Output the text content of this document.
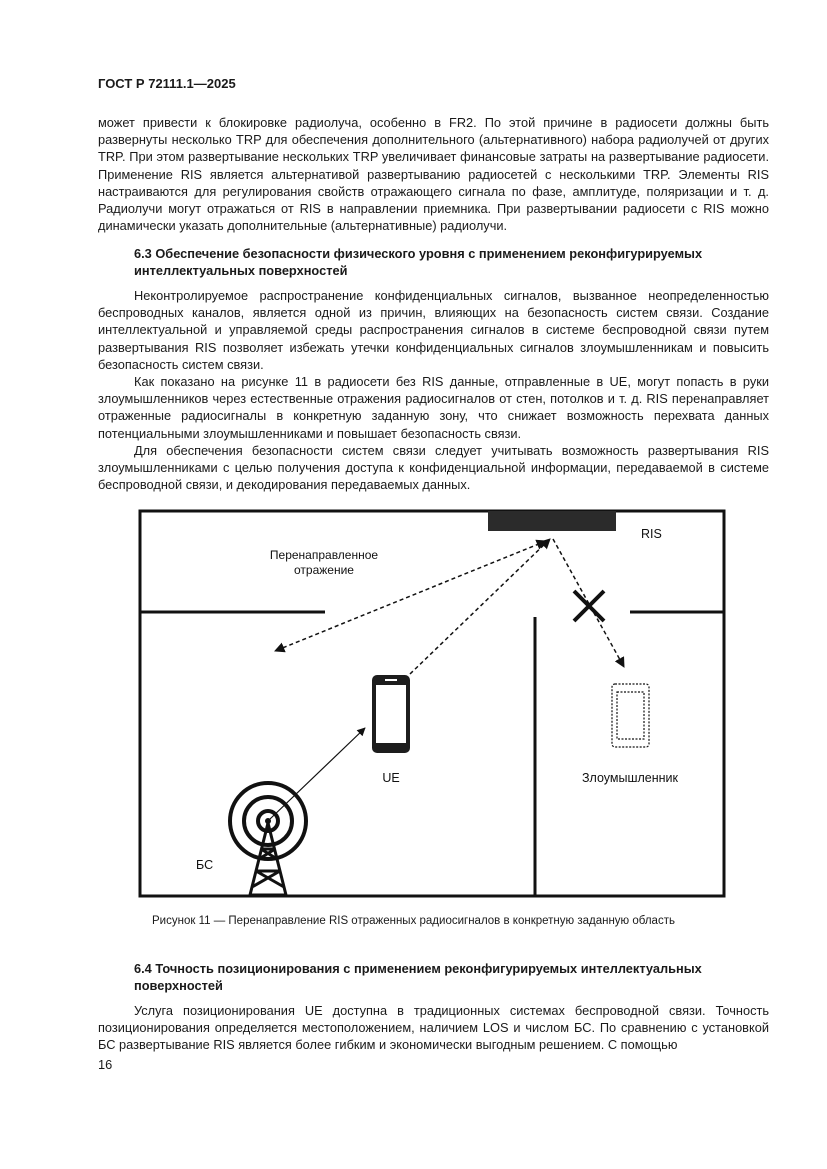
ГОСТ Р 72111.1—2025

может привести к блокировке радиолуча, особенно в FR2. По этой причине в радиосети должны быть развернуты несколько TRP для обеспечения дополнительного (альтернативного) набора радиолучей от других TRP. При этом развертывание нескольких TRP увеличивает финансовые затраты на развертывание радиосети. Применение RIS является альтернативой развертыванию радиосетей с несколькими TRP. Элементы RIS настраиваются для регулирования свойств отражающего сигнала по фазе, амплитуде, поляризации и т. д. Радиолучи могут отражаться от RIS в направлении приемника. При развертывании радиосети с RIS можно динамически указать дополнительные (альтернативные) радиолучи.

6.3 Обеспечение безопасности физического уровня с применением реконфигурируемых интеллектуальных поверхностей

Неконтролируемое распространение конфиденциальных сигналов, вызванное неопределенностью беспроводных каналов, является одной из причин, влияющих на безопасность систем связи. Создание интеллектуальной и управляемой среды распространения сигналов в системе беспроводной связи путем развертывания RIS позволяет избежать утечки конфиденциальных сигналов злоумышленникам и повысить безопасность систем связи.

Как показано на рисунке 11 в радиосети без RIS данные, отправленные в UE, могут попасть в руки злоумышленников через естественные отражения радиосигналов от стен, потолков и т. д. RIS перенаправляет отраженные радиосигналы в конкретную заданную зону, что снижает возможность перехвата данных потенциальными злоумышленниками и повышает безопасность связи.

Для обеспечения безопасности систем связи следует учитывать возможность развертывания RIS злоумышленниками с целью получения доступа к конфиденциальной информации, передаваемой в системе беспроводной связи, и декодирования передаваемых данных.

RIS
Перенаправленное
отражение
UE	Злоумышленник
БС
Рисунок 11 — Перенаправление RIS отраженных радиосигналов в конкретную заданную область
6.4 Точность позиционирования с применением реконфигурируемых интеллектуальных поверхностей

Услуга позиционирования UE доступна в традиционных системах беспроводной связи. Точность позиционирования определяется местоположением, наличием LOS и числом БС. По сравнению с установкой БС развертывание RIS является более гибким и экономически выгодным решением. С помощью

16
